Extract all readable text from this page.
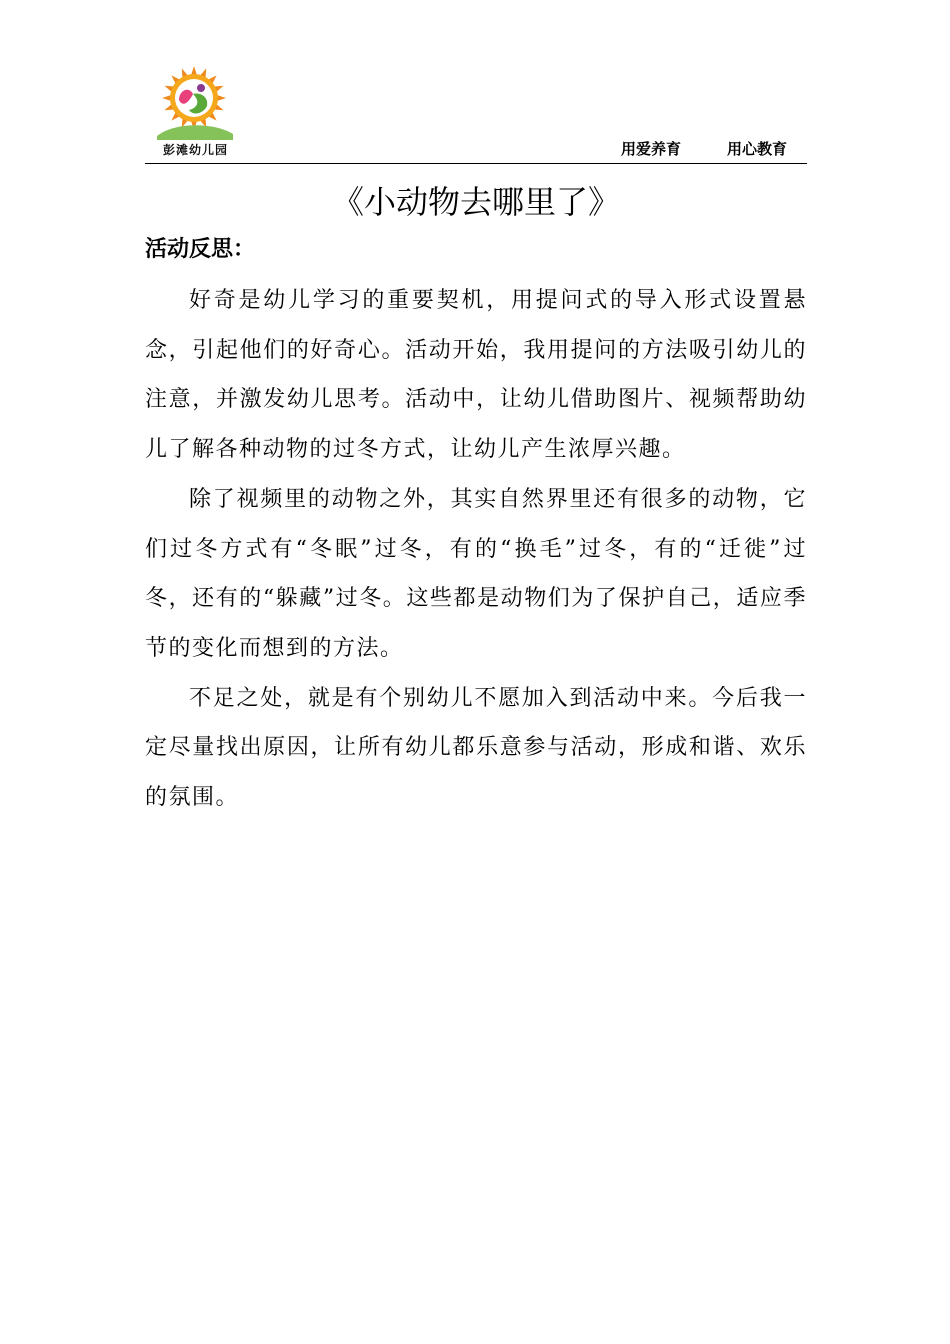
彭滩幼儿园	用爱养育	用心教育
《小动物去哪里了》
活动反思：

好奇是幼儿学习的重要契机，用提问式的导入形式设置悬念，引起他们的好奇心。活动开始，我用提问的方法吸引幼儿的注意，并激发幼儿思考。活动中，让幼儿借助图片、视频帮助幼儿了解各种动物的过冬方式，让幼儿产生浓厚兴趣。

除了视频里的动物之外，其实自然界里还有很多的动物，它们过冬方式有“冬眠”过冬，有的“换毛”过冬，有的“迁徙”过冬，还有的“躲藏”过冬。这些都是动物们为了保护自己，适应季节的变化而想到的方法。

不足之处，就是有个别幼儿不愿加入到活动中来。今后我一定尽量找出原因，让所有幼儿都乐意参与活动，形成和谐、欢乐的氛围。
